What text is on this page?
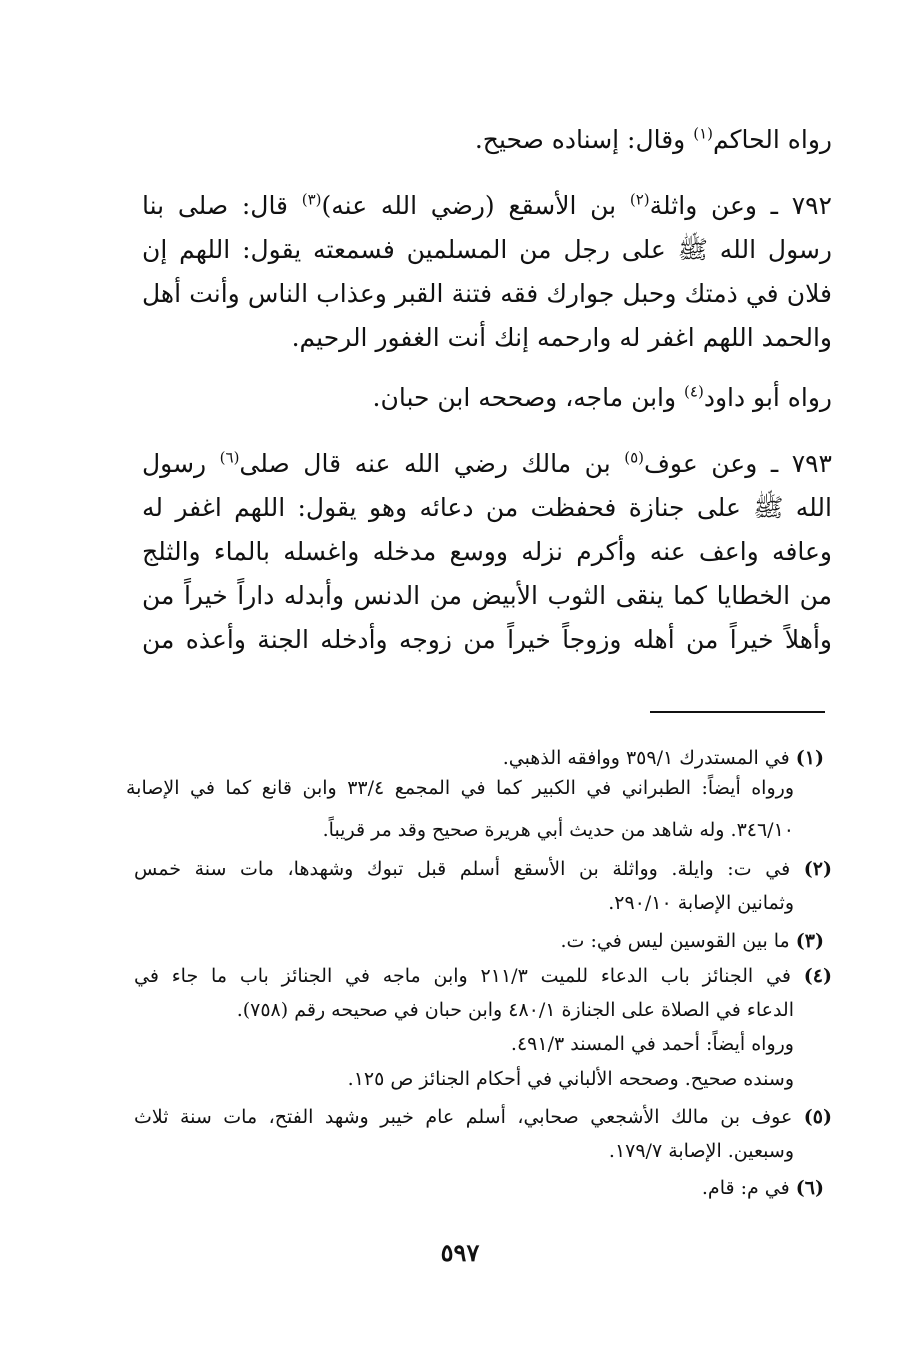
رواه الحاكم$^{(١)}$ وقال: إسناده صحيح.
٧٩٢ ـ وعن واثلة$^{(٢)}$ بن الأسقع (رضي الله عنه)$^{(٣)}$ قال: صلى بنا
رسول الله ﷺ على رجل من المسلمين فسمعته يقول: اللهم إن
فلان في ذمتك وحبل جوارك فقه فتنة القبر وعذاب الناس وأنت أهل
والحمد اللهم اغفر له وارحمه إنك أنت الغفور الرحيم.
رواه أبو داود$^{(٤)}$ وابن ماجه، وصححه ابن حبان.
٧٩٣ ـ وعن عوف$^{(٥)}$ بن مالك رضي الله عنه قال صلى$^{(٦)}$ رسول
الله ﷺ على جنازة فحفظت من دعائه وهو يقول: اللهم اغفر له
وعافه واعف عنه وأكرم نزله ووسع مدخله واغسله بالماء والثلج
من الخطايا كما ينقى الثوب الأبيض من الدنس وأبدله داراً خيراً من
وأهلاً خيراً من أهله وزوجاً خيراً من زوجه وأدخله الجنة وأعذه من
(١) في المستدرك ٣٥٩/١ ووافقه الذهبي.
ورواه أيضاً: الطبراني في الكبير كما في المجمع ٣٣/٤ وابن قانع كما في الإصابة
٣٤٦/١٠. وله شاهد من حديث أبي هريرة صحيح وقد مر قريباً.
(٢) في ت: وايلة. وواثلة بن الأسقع أسلم قبل تبوك وشهدها، مات سنة خمس
وثمانين الإصابة ٢٩٠/١٠.
(٣) ما بين القوسين ليس في: ت.
(٤) في الجنائز باب الدعاء للميت ٢١١/٣ وابن ماجه في الجنائز باب ما جاء في
الدعاء في الصلاة على الجنازة ٤٨٠/١ وابن حبان في صحيحه رقم (٧٥٨).
ورواه أيضاً: أحمد في المسند ٤٩١/٣.
وسنده صحيح. وصححه الألباني في أحكام الجنائز ص ١٢٥.
(٥) عوف بن مالك الأشجعي صحابي، أسلم عام خيبر وشهد الفتح، مات سنة ثلاث
وسبعين. الإصابة ١٧٩/٧.
(٦) في م: قام.
٥٩٧
